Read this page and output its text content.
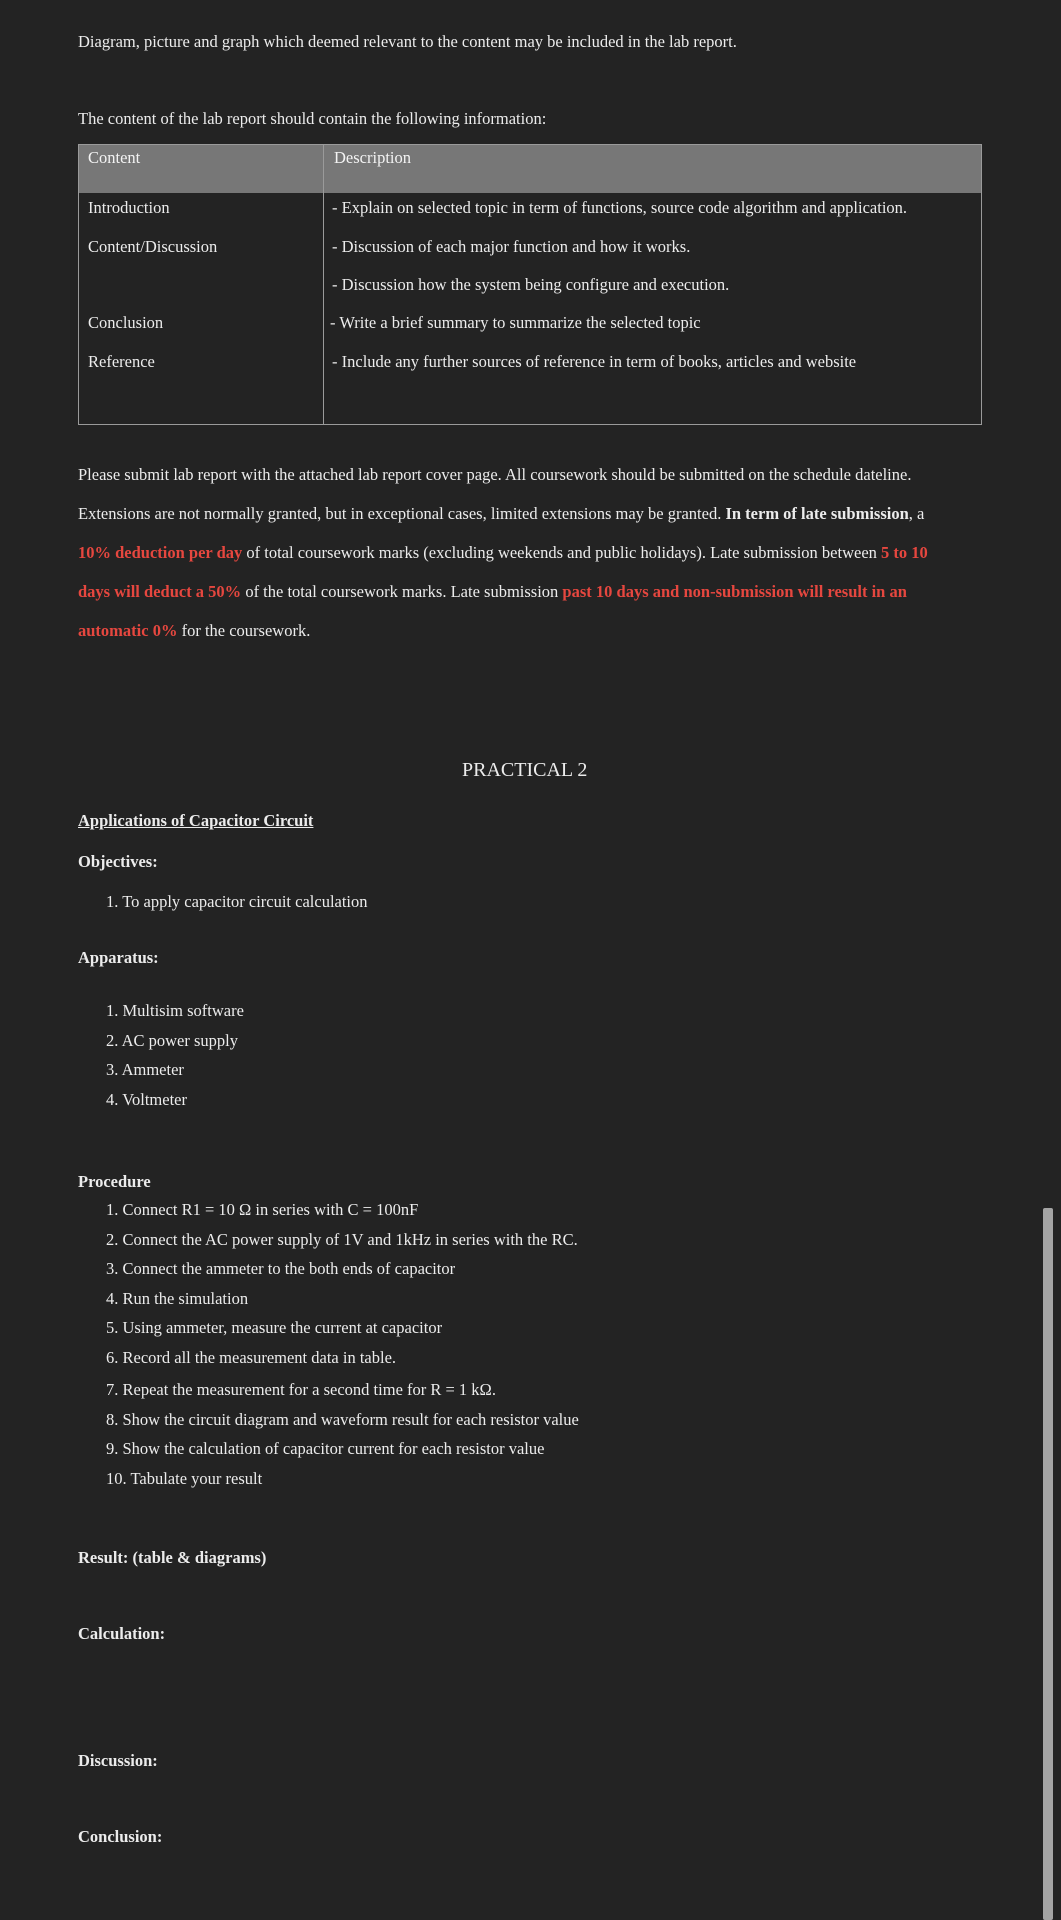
Diagram, picture and graph which deemed relevant to the content may be included in the lab report.
The content of the lab report should contain the following information:
Content	Description
Introduction	- Explain on selected topic in term of functions, source code algorithm and application.
Content/Discussion	- Discussion of each major function and how it works.
- Discussion how the system being configure and execution.
Conclusion	- Write a brief summary to summarize the selected topic
Reference	- Include any further sources of reference in term of books, articles and website
Please submit lab report with the attached lab report cover page. All coursework should be submitted on the schedule dateline.
Extensions are not normally granted, but in exceptional cases, limited extensions may be granted. In term of late submission, a
10% deduction per day of total coursework marks (excluding weekends and public holidays). Late submission between 5 to 10
days will deduct a 50% of the total coursework marks. Late submission past 10 days and non-submission will result in an
automatic 0% for the coursework.
PRACTICAL 2
Applications of Capacitor Circuit
Objectives:
1. To apply capacitor circuit calculation
Apparatus:
1. Multisim software
2. AC power supply
3. Ammeter
4. Voltmeter
Procedure
1. Connect R1 = 10 Ω in series with C = 100nF
2. Connect the AC power supply of 1V and 1kHz in series with the RC.
3. Connect the ammeter to the both ends of capacitor
4. Run the simulation
5. Using ammeter, measure the current at capacitor
6. Record all the measurement data in table.
7. Repeat the measurement for a second time for R = 1 kΩ.
8. Show the circuit diagram and waveform result for each resistor value
9. Show the calculation of capacitor current for each resistor value
10. Tabulate your result
Result: (table & diagrams)
Calculation:
Discussion:
Conclusion:
